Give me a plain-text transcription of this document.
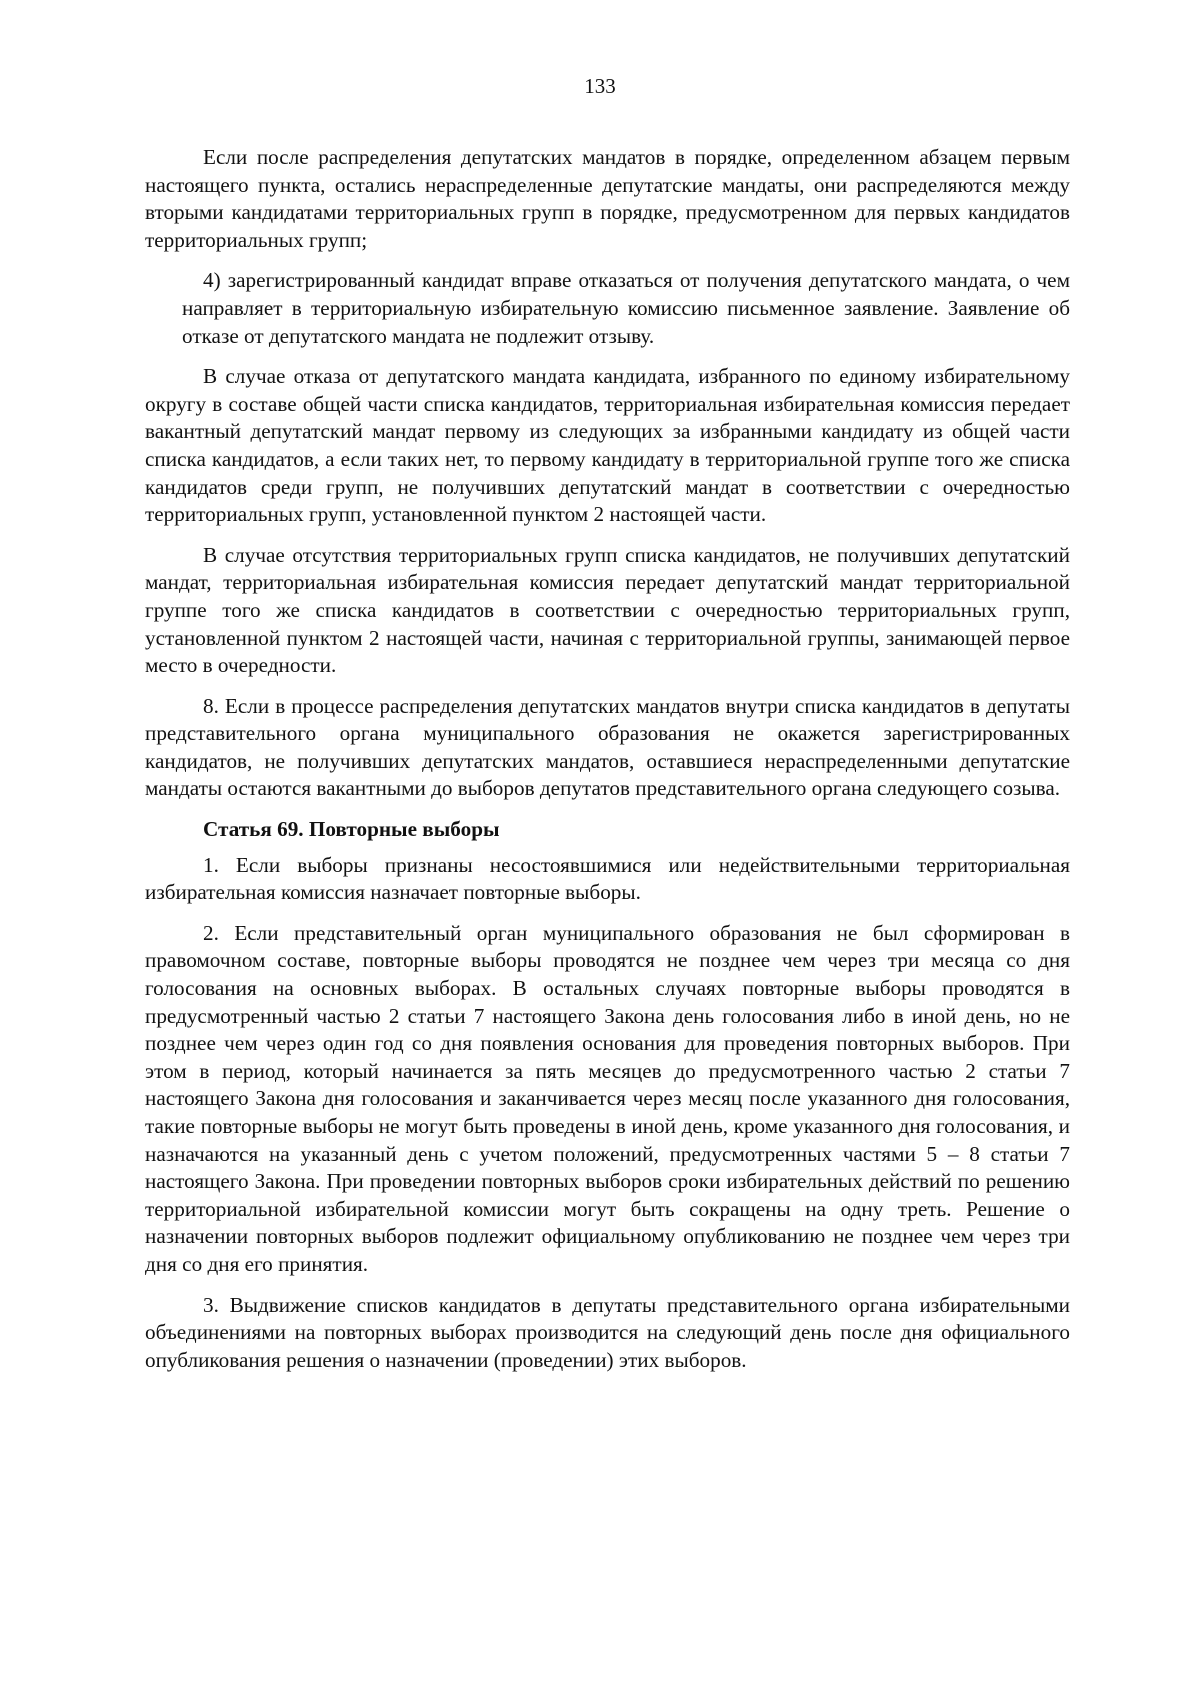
133

Если после распределения депутатских мандатов в порядке, определенном абзацем первым настоящего пункта, остались нераспределенные депутатские мандаты, они распределяются между вторыми кандидатами территориальных групп в порядке, предусмотренном для первых кандидатов территориальных групп;

4) зарегистрированный кандидат вправе отказаться от получения депутатского мандата, о чем направляет в территориальную избирательную комиссию письменное заявление. Заявление об отказе от депутатского мандата не подлежит отзыву.

В случае отказа от депутатского мандата кандидата, избранного по единому избирательному округу в составе общей части списка кандидатов, территориальная избирательная комиссия передает вакантный депутатский мандат первому из следующих за избранными кандидату из общей части списка кандидатов, а если таких нет, то первому кандидату в территориальной группе того же списка кандидатов среди групп, не получивших депутатский мандат в соответствии с очередностью территориальных групп, установленной пунктом 2 настоящей части.

В случае отсутствия территориальных групп списка кандидатов, не получивших депутатский мандат, территориальная избирательная комиссия передает депутатский мандат территориальной группе того же списка кандидатов в соответствии с очередностью территориальных групп, установленной пунктом 2 настоящей части, начиная с территориальной группы, занимающей первое место в очередности.

8. Если в процессе распределения депутатских мандатов внутри списка кандидатов в депутаты представительного органа муниципального образования не окажется зарегистрированных кандидатов, не получивших депутатских мандатов, оставшиеся нераспределенными депутатские мандаты остаются вакантными до выборов депутатов представительного органа следующего созыва.

Статья 69. Повторные выборы

1. Если выборы признаны несостоявшимися или недействительными территориальная избирательная комиссия назначает повторные выборы.

2. Если представительный орган муниципального образования не был сформирован в правомочном составе, повторные выборы проводятся не позднее чем через три месяца со дня голосования на основных выборах. В остальных случаях повторные выборы проводятся в предусмотренный частью 2 статьи 7 настоящего Закона день голосования либо в иной день, но не позднее чем через один год со дня появления основания для проведения повторных выборов. При этом в период, который начинается за пять месяцев до предусмотренного частью 2 статьи 7 настоящего Закона дня голосования и заканчивается через месяц после указанного дня голосования, такие повторные выборы не могут быть проведены в иной день, кроме указанного дня голосования, и назначаются на указанный день с учетом положений, предусмотренных частями 5 – 8 статьи 7 настоящего Закона. При проведении повторных выборов сроки избирательных действий по решению территориальной избирательной комиссии могут быть сокращены на одну треть. Решение о назначении повторных выборов подлежит официальному опубликованию не позднее чем через три дня со дня его принятия.

3. Выдвижение списков кандидатов в депутаты представительного органа избирательными объединениями на повторных выборах производится на следующий день после дня официального опубликования решения о назначении (проведении) этих выборов.
